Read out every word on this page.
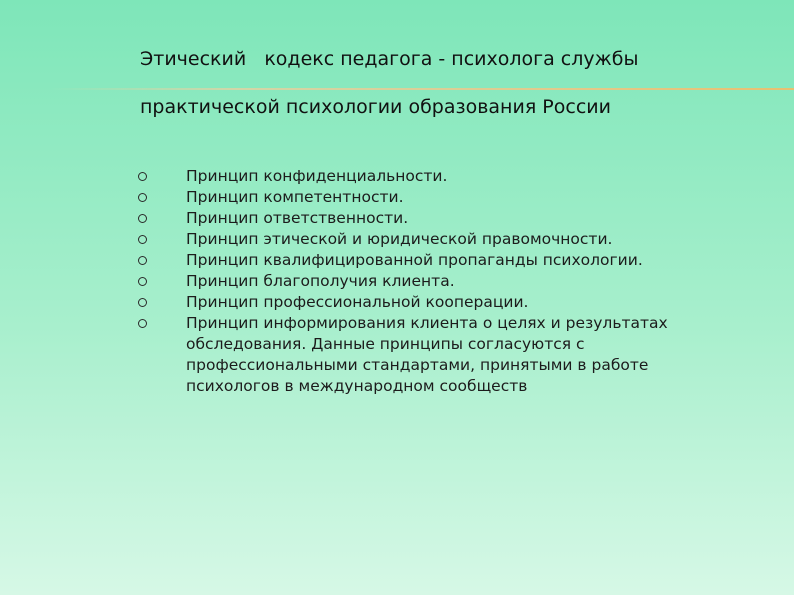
Этический   кодекс педагога - психолога службы
практической психологии образования России
Принцип конфиденциальности.
Принцип компетентности.
Принцип ответственности.
Принцип этической и юридической правомочности.
Принцип квалифицированной пропаганды психологии.
Принцип благополучия клиента.
Принцип профессиональной кооперации.
Принцип информирования клиента о целях и результатах
обследования. Данные принципы согласуются с
профессиональными стандартами, принятыми в работе
психологов в международном сообществ
